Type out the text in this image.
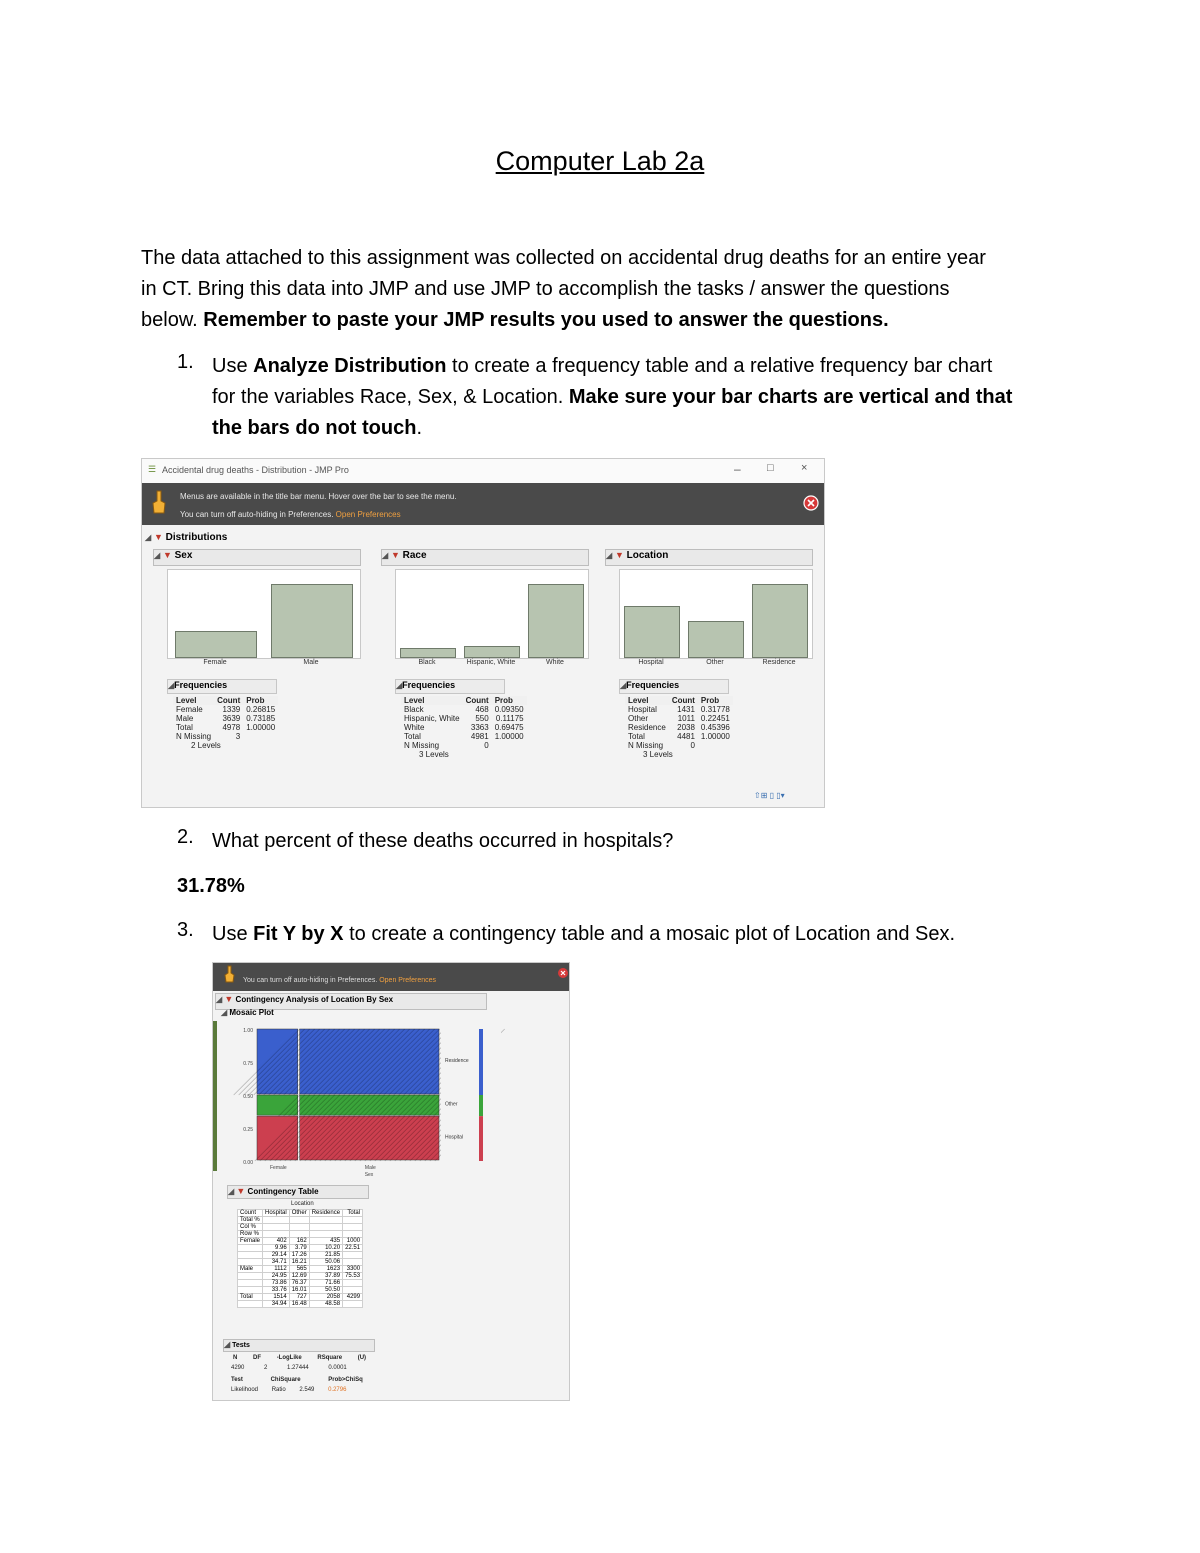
Computer Lab 2a
The data attached to this assignment was collected on accidental drug deaths for an entire year
in CT. Bring this data into JMP and use JMP to accomplish the tasks / answer the questions
below. Remember to paste your JMP results you used to answer the questions.
1. Use Analyze Distribution to create a frequency table and a relative frequency bar chart
for the variables Race, Sex, & Location. Make sure your bar charts are vertical and that
the bars do not touch.
☰ Accidental drug deaths - Distribution - JMP Pro	– □ ×
Menus are available in the title bar menu. Hover over the bar to see the menu.
You can turn off auto-hiding in Preferences. Open Preferences
◢ ▼ Distributions
◢ ▼ Sex
Female	Male
◢Frequencies
Level	Count	Prob
Female	1339	0.26815
Male	3639	0.73185
Total	4978	1.00000
N Missing	3	
2 Levels		
◢ ▼ Race
Black	Hispanic, White	White
◢Frequencies
Level	Count	Prob
Black	468	0.09350
Hispanic, White	550	0.11175
White	3363	0.69475
Total	4981	1.00000
N Missing	0	
3 Levels		
◢ ▼ Location
Hospital	Other	Residence
◢Frequencies
Level	Count	Prob
Hospital	1431	0.31778
Other	1011	0.22451
Residence	2038	0.45396
Total	4481	1.00000
N Missing	0	
3 Levels		
⇧⊞ ▯ ▯▾
2. What percent of these deaths occurred in hospitals?
31.78%
3. Use Fit Y by X to create a contingency table and a mosaic plot of Location and Sex.
You can turn off auto-hiding in Preferences. Open Preferences
◢ ▼ Contingency Analysis of Location By Sex
◢ Mosaic Plot
1.00
0.75
0.50
0.25
0.00
Residence
Other
Hospital
Female	Male
Sex
◢ ▼ Contingency Table
Location
Count	Hospital	Other	Residence	Total
Total %				
Col %				
Row %				
Female	402	162	435	1000
	9.96	3.79	10.20	22.51
	29.14	17.26	21.85	
	34.71	16.21	50.06	
Male	1112	565	1623	3300
	24.95	12.69	37.89	75.53
	73.86	76.37	71.66	
	33.76	16.01	50.50	
Total	1514	727	2058	4299
	34.94	16.48	48.58	
◢ Tests
N	DF	-LogLike	RSquare (U)
4290	2	1.27444	0.0001
Test	ChiSquare	Prob>ChiSq
Likelihood Ratio 2.549 0.2796
